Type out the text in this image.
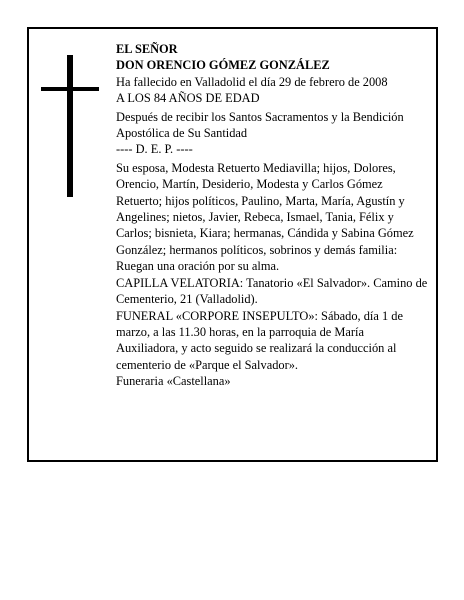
EL SEÑOR

DON ORENCIO GÓMEZ GONZÁLEZ

Ha fallecido en Valladolid el día 29 de febrero de 2008

A LOS 84 AÑOS DE EDAD

Después de recibir los Santos Sacramentos y la Bendición Apostólica de Su Santidad

---- D. E. P. ----

Su esposa, Modesta Retuerto Mediavilla; hijos, Dolores, Orencio, Martín, Desiderio, Modesta y Carlos Gómez Retuerto; hijos políticos, Paulino, Marta, María, Agustín y Angelines; nietos, Javier, Rebeca, Ismael, Tania, Félix y Carlos; bisnieta, Kiara; hermanas, Cándida y Sabina Gómez González; hermanos políticos, sobrinos y demás familia:

Ruegan una oración por su alma.

CAPILLA VELATORIA: Tanatorio «El Salvador». Camino de Cementerio, 21 (Valladolid).

FUNERAL «CORPORE INSEPULTO»: Sábado, día 1 de marzo, a las 11.30 horas, en la parroquia de María Auxiliadora, y acto seguido se realizará la conducción al cementerio de «Parque el Salvador».

Funeraria «Castellana»
